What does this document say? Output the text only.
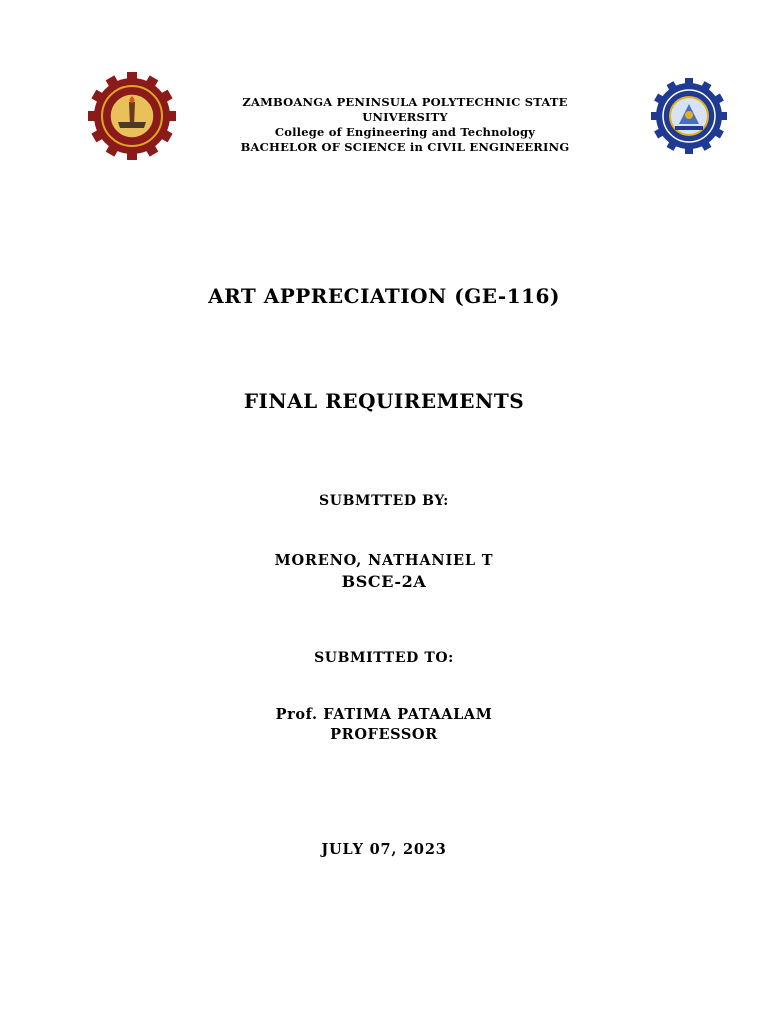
ZAMBOANGA PENINSULA POLYTECHNIC STATE
UNIVERSITY
College of Engineering and Technology
BACHELOR OF SCIENCE in CIVIL ENGINEERING
ART APPRECIATION (GE-116)
FINAL REQUIREMENTS
SUBMTTED BY:
MORENO, NATHANIEL T
BSCE-2A
SUBMITTED TO:
Prof. FATIMA PATAALAM
PROFESSOR
JULY 07, 2023
